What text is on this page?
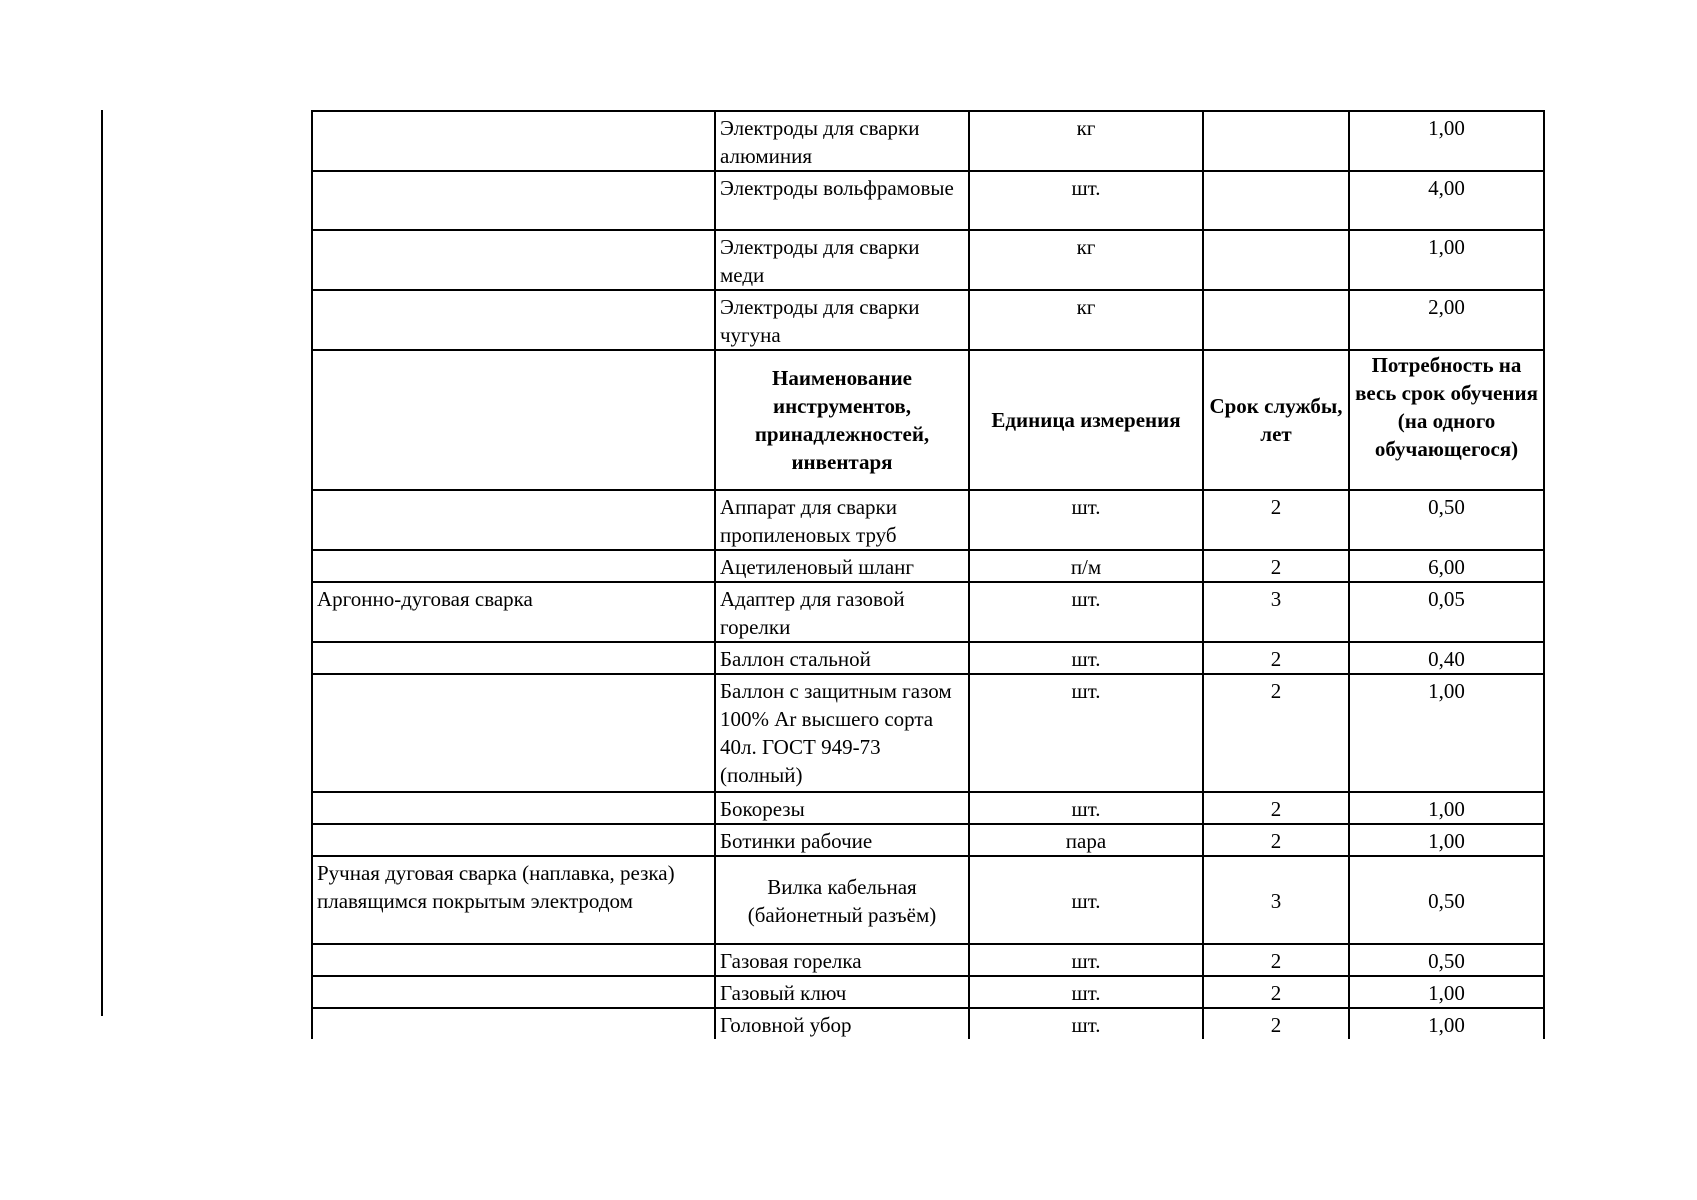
	Электроды для сварки алюминия	кг		1,00
	Электроды вольфрамовые	шт.		4,00
	Электроды для сварки меди	кг		1,00
	Электроды для сварки чугуна	кг		2,00
	Наименование инструментов, принадлежностей, инвентаря	Единица измерения	Срок службы, лет	Потребность на весь срок обучения (на одного обучающегося)
	Аппарат для сварки пропиленовых труб	шт.	2	0,50
	Ацетиленовый шланг	п/м	2	6,00
Аргонно-дуговая сварка	Адаптер для газовой горелки	шт.	3	0,05
	Баллон стальной	шт.	2	0,40
	Баллон с защитным газом 100% Ar высшего сорта 40л. ГОСТ 949-73 (полный)	шт.	2	1,00
	Бокорезы	шт.	2	1,00
	Ботинки рабочие	пара	2	1,00
Ручная дуговая сварка (наплавка, резка) плавящимся покрытым электродом	Вилка кабельная (байонетный разъём)	шт.	3	0,50
	Газовая горелка	шт.	2	0,50
	Газовый ключ	шт.	2	1,00
	Головной убор	шт.	2	1,00
